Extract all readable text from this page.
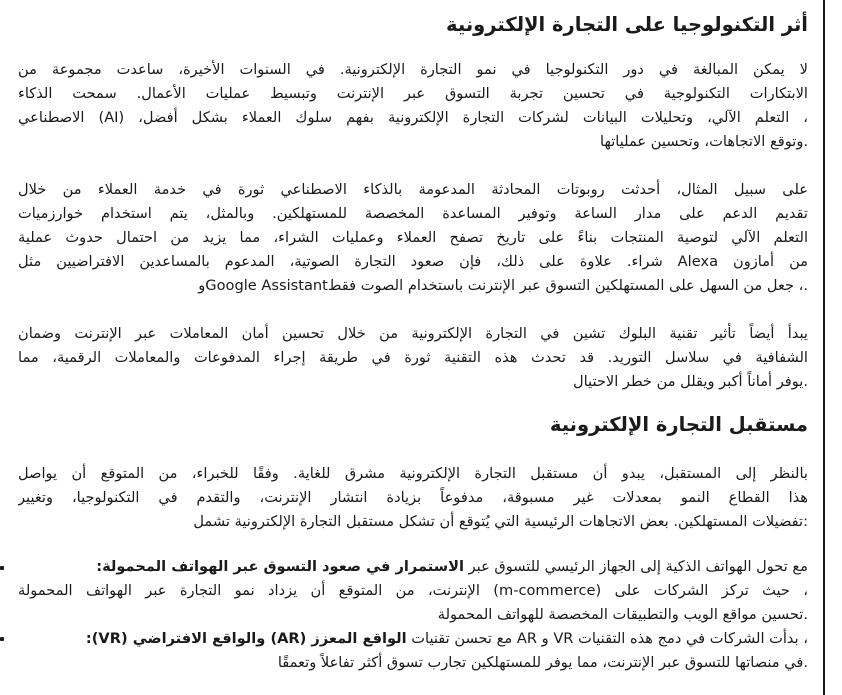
أثر التكنولوجيا على التجارة الإلكترونية
لا يمكن المبالغة في دور التكنولوجيا في نمو التجارة الإلكترونية. في السنوات الأخيرة، ساعدت مجموعة من
الابتكارات التكنولوجية في تحسين تجربة التسوق عبر الإنترنت وتبسيط عمليات الأعمال. سمحت الذكاء
، التعلم الآلي، وتحليلات البيانات لشركات التجارة الإلكترونية بفهم سلوك العملاء بشكل أفضل، (AI) الاصطناعي
.وتوقع الاتجاهات، وتحسين عملياتها
على سبيل المثال، أحدثت روبوتات المحادثة المدعومة بالذكاء الاصطناعي ثورة في خدمة العملاء من خلال
تقديم الدعم على مدار الساعة وتوفير المساعدة المخصصة للمستهلكين. وبالمثل، يتم استخدام خوارزميات
التعلم الآلي لتوصية المنتجات بناءً على تاريخ تصفح العملاء وعمليات الشراء، مما يزيد من احتمال حدوث عملية
من أمازون Alexa شراء. علاوة على ذلك، فإن صعود التجارة الصوتية، المدعوم بالمساعدين الافتراضيين مثل
.، جعل من السهل على المستهلكين التسوق عبر الإنترنت باستخدام الصوت فقطGoogle Assistantو
يبدأ أيضاً تأثير تقنية البلوك تشين في التجارة الإلكترونية من خلال تحسين أمان المعاملات عبر الإنترنت وضمان
الشفافية في سلاسل التوريد. قد تحدث هذه التقنية ثورة في طريقة إجراء المدفوعات والمعاملات الرقمية، مما
.يوفر أماناً أكبر ويقلل من خطر الاحتيال
مستقبل التجارة الإلكترونية
بالنظر إلى المستقبل، يبدو أن مستقبل التجارة الإلكترونية مشرق للغاية. وفقًا للخبراء، من المتوقع أن يواصل
هذا القطاع النمو بمعدلات غير مسبوقة، مدفوعاً بزيادة انتشار الإنترنت، والتقدم في التكنولوجيا، وتغيير
:تفضيلات المستهلكين. بعض الاتجاهات الرئيسية التي يُتوقع أن تشكل مستقبل التجارة الإلكترونية تشمل
مع تحول الهواتف الذكية إلى الجهاز الرئيسي للتسوق عبر الاستمرار في صعود التسوق عبر الهواتف المحمولة:
، حيث تركز الشركات على (m-commerce) الإنترنت، من المتوقع أن يزداد نمو التجارة عبر الهواتف المحمولة
.تحسين مواقع الويب والتطبيقات المخصصة للهواتف المحمولة
، بدأت الشركات في دمج هذه التقنيات VR و AR مع تحسن تقنيات الواقع المعزز (AR) والواقع الافتراضي (VR):
.في منصاتها للتسوق عبر الإنترنت، مما يوفر للمستهلكين تجارب تسوق أكثر تفاعلاً وتعمقًا
